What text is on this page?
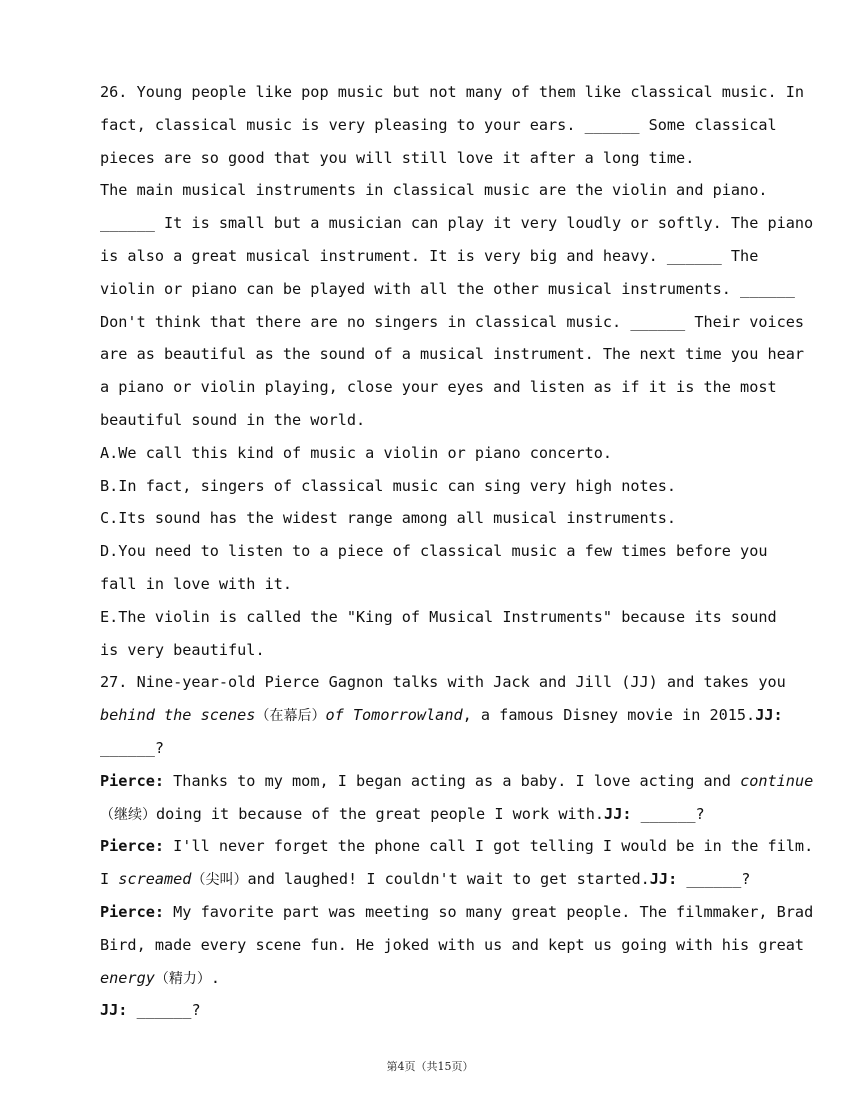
26. Young people like pop music but not many of them like classical music. In
fact, classical music is very pleasing to your ears. ______ Some classical
pieces are so good that you will still love it after a long time.
The main musical instruments in classical music are the violin and piano.
______ It is small but a musician can play it very loudly or softly. The piano
is also a great musical instrument. It is very big and heavy. ______ The
violin or piano can be played with all the other musical instruments. ______
Don't think that there are no singers in classical music. ______ Their voices
are as beautiful as the sound of a musical instrument. The next time you hear
a piano or violin playing, close your eyes and listen as if it is the most
beautiful sound in the world.
A.We call this kind of music a violin or piano concerto.
B.In fact, singers of classical music can sing very high notes.
C.Its sound has the widest range among all musical instruments.
D.You need to listen to a piece of classical music a few times before you
fall in love with it.
E.The violin is called the "King of Musical Instruments" because its sound
is very beautiful.
27. Nine-year-old Pierce Gagnon talks with Jack and Jill (JJ) and takes you
behind the scenes（在幕后）of Tomorrowland, a famous Disney movie in 2015.JJ:
______?
Pierce: Thanks to my mom, I began acting as a baby. I love acting and continue
（继续）doing it because of the great people I work with.JJ: ______?
Pierce: I'll never forget the phone call I got telling I would be in the film.
I screamed（尖叫）and laughed! I couldn't wait to get started.JJ: ______?
Pierce: My favorite part was meeting so many great people. The filmmaker, Brad
Bird, made every scene fun. He joked with us and kept us going with his great
energy（精力）.
JJ: ______?
第4页（共15页）
